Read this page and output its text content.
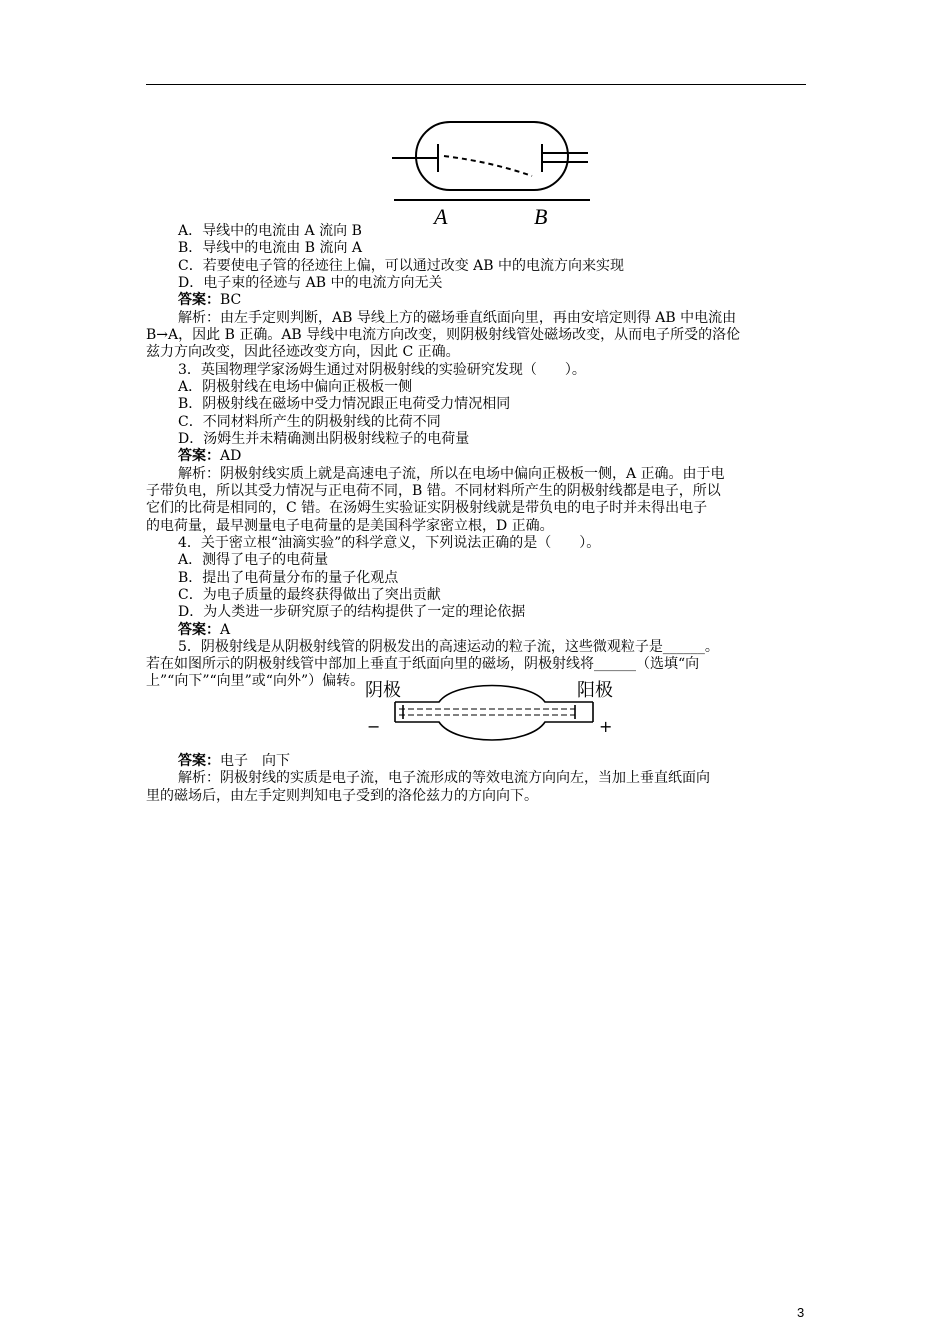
A	B
A．导线中的电流由 A 流向 B
B．导线中的电流由 B 流向 A
C．若要使电子管的径迹往上偏，可以通过改变 AB 中的电流方向来实现
D．电子束的径迹与 AB 中的电流方向无关
答案：BC
解析：由左手定则判断，AB 导线上方的磁场垂直纸面向里，再由安培定则得 AB 中电流由
B→A，因此 B 正确。AB 导线中电流方向改变，则阴极射线管处磁场改变，从而电子所受的洛伦
兹力方向改变，因此径迹改变方向，因此 C 正确。
3．英国物理学家汤姆生通过对阴极射线的实验研究发现（　　）。
A．阴极射线在电场中偏向正极板一侧
B．阴极射线在磁场中受力情况跟正电荷受力情况相同
C．不同材料所产生的阴极射线的比荷不同
D．汤姆生并未精确测出阴极射线粒子的电荷量
答案：AD
解析：阴极射线实质上就是高速电子流，所以在电场中偏向正极板一侧，A 正确。由于电
子带负电，所以其受力情况与正电荷不同，B 错。不同材料所产生的阴极射线都是电子，所以
它们的比荷是相同的，C 错。在汤姆生实验证实阴极射线就是带负电的电子时并未得出电子
的电荷量，最早测量电子电荷量的是美国科学家密立根，D 正确。
4．关于密立根“油滴实验”的科学意义，下列说法正确的是（　　）。
A．测得了电子的电荷量
B．提出了电荷量分布的量子化观点
C．为电子质量的最终获得做出了突出贡献
D．为人类进一步研究原子的结构提供了一定的理论依据
答案：A
5．阴极射线是从阴极射线管的阴极发出的高速运动的粒子流，这些微观粒子是______。
若在如图所示的阴极射线管中部加上垂直于纸面向里的磁场，阴极射线将______（选填“向
上”“向下”“向里”或“向外”）偏转。 阴极	阳极
−	+
答案：电子　向下
解析：阴极射线的实质是电子流，电子流形成的等效电流方向向左，当加上垂直纸面向
里的磁场后，由左手定则判知电子受到的洛伦兹力的方向向下。
3
